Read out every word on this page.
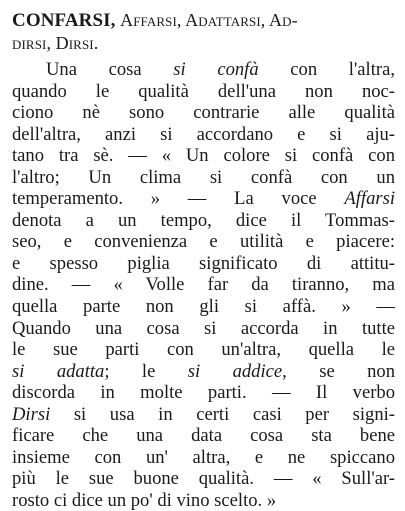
CONFARSI, Affarsi, Adattarsi, Ad-
dirsi, Dirsi.
Una cosa si confà con l'altra,
quando le qualità dell'una non noc-
ciono nè sono contrarie alle qualità
dell'altra, anzi si accordano e si aju-
tano tra sè. — « Un colore si confà con
l'altro; Un clima si confà con un
temperamento. » — La voce Affarsi
denota a un tempo, dice il Tommas-
seo, e convenienza e utilità e piacere:
e spesso piglia significato di attitu-
dine. — « Volle far da tiranno, ma
quella parte non gli si affà. » —
Quando una cosa si accorda in tutte
le sue parti con un'altra, quella le
si adatta; le si addice, se non
discorda in molte parti. — Il verbo
Dirsi si usa in certi casi per signi-
ficare che una data cosa sta bene
insieme con un' altra, e ne spiccano
più le sue buone qualità. — « Sull'ar-
rosto ci dice un po' di vino scelto. »
